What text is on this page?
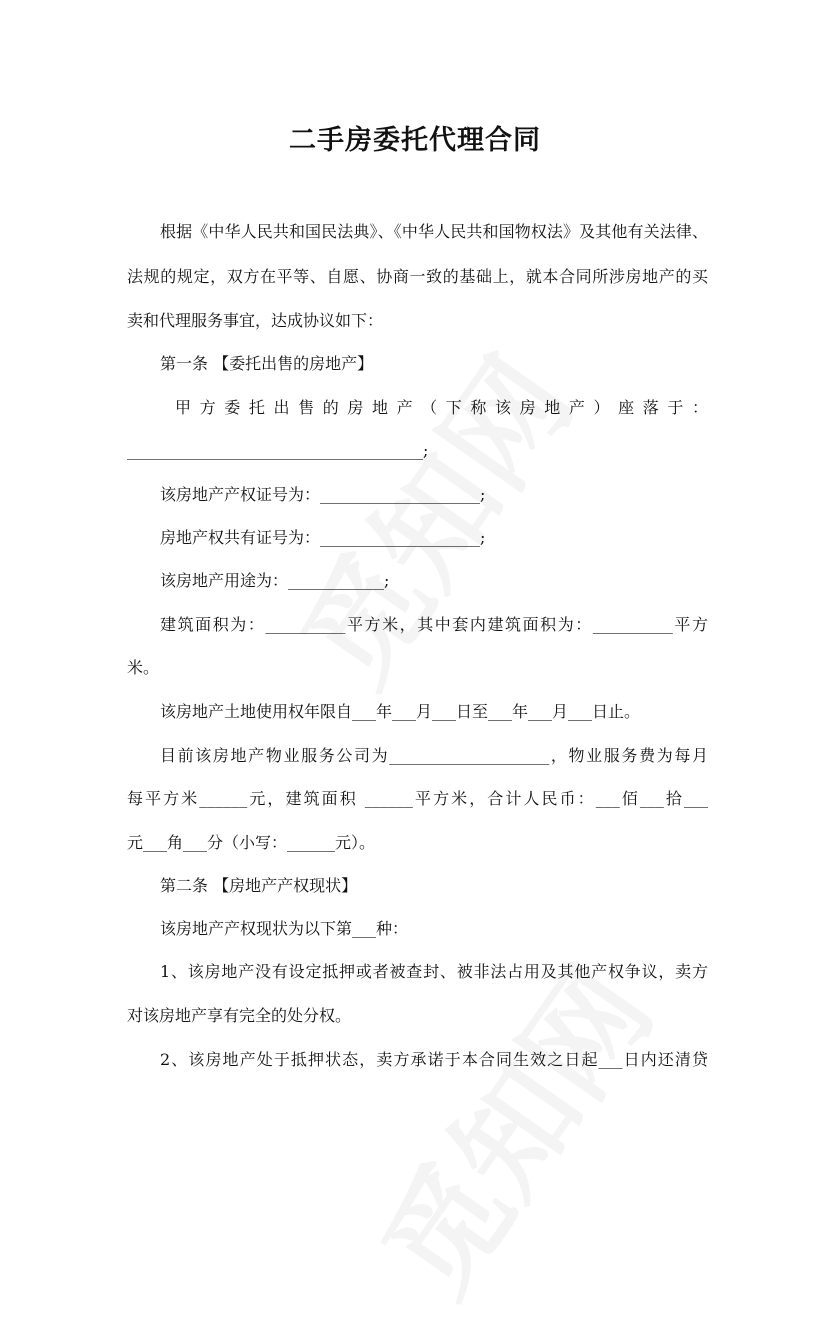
二手房委托代理合同
根据《中华人民共和国民法典》、《中华人民共和国物权法》及其他有关法律、
法规的规定，双方在平等、自愿、协商一致的基础上，就本合同所涉房地产的买
卖和代理服务事宜，达成协议如下：
第一条 【委托出售的房地产】
甲方委托出售的房地产（下称该房地产）座落于：
_____________________________________;
该房地产产权证号为：____________________;
房地产权共有证号为：____________________;
该房地产用途为：____________;
建筑面积为：__________平方米，其中套内建筑面积为：__________平方
米。
该房地产土地使用权年限自___年___月___日至___年___月___日止。
目前该房地产物业服务公司为____________________，物业服务费为每月
每平方米______元，建筑面积 ______平方米，合计人民币：___佰___拾___
元___角___分（小写：______元）。
第二条 【房地产产权现状】
该房地产产权现状为以下第___种：
1、该房地产没有设定抵押或者被查封、被非法占用及其他产权争议，卖方
对该房地产享有完全的处分权。
2、该房地产处于抵押状态，卖方承诺于本合同生效之日起___日内还清贷
